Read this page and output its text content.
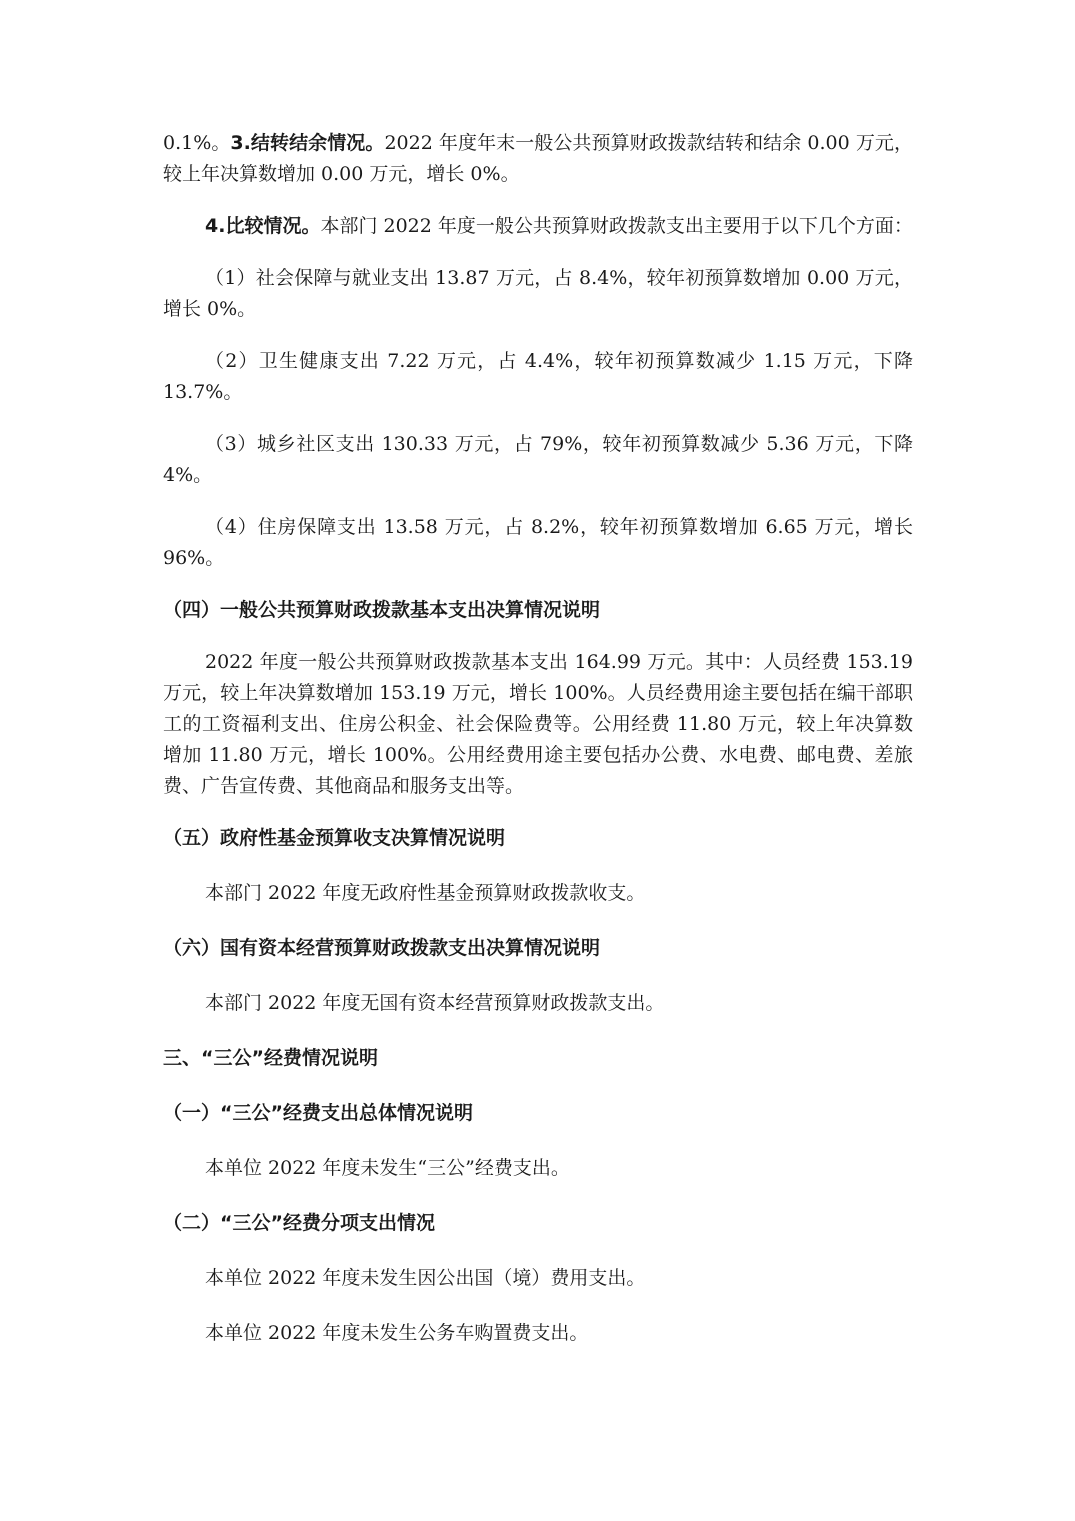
0.1%。3.结转结余情况。2022 年度年末一般公共预算财政拨款结转和结余 0.00 万元，较上年决算数增加 0.00 万元，增长 0%。

4.比较情况。本部门 2022 年度一般公共预算财政拨款支出主要用于以下几个方面：

（1）社会保障与就业支出 13.87 万元，占 8.4%，较年初预算数增加 0.00 万元，增长 0%。

（2）卫生健康支出 7.22 万元，占 4.4%，较年初预算数减少 1.15 万元，下降 13.7%。

（3）城乡社区支出 130.33 万元，占 79%，较年初预算数减少 5.36 万元，下降 4%。

（4）住房保障支出 13.58 万元，占 8.2%，较年初预算数增加 6.65 万元，增长 96%。

（四）一般公共预算财政拨款基本支出决算情况说明

2022 年度一般公共预算财政拨款基本支出 164.99 万元。其中：人员经费 153.19 万元，较上年决算数增加 153.19 万元，增长 100%。人员经费用途主要包括在编干部职工的工资福利支出、住房公积金、社会保险费等。公用经费 11.80 万元，较上年决算数增加 11.80 万元，增长 100%。公用经费用途主要包括办公费、水电费、邮电费、差旅费、广告宣传费、其他商品和服务支出等。

（五）政府性基金预算收支决算情况说明

本部门 2022 年度无政府性基金预算财政拨款收支。

（六）国有资本经营预算财政拨款支出决算情况说明

本部门 2022 年度无国有资本经营预算财政拨款支出。

三、“三公”经费情况说明

（一）“三公”经费支出总体情况说明

本单位 2022 年度未发生“三公”经费支出。

（二）“三公”经费分项支出情况

本单位 2022 年度未发生因公出国（境）费用支出。

本单位 2022 年度未发生公务车购置费支出。
